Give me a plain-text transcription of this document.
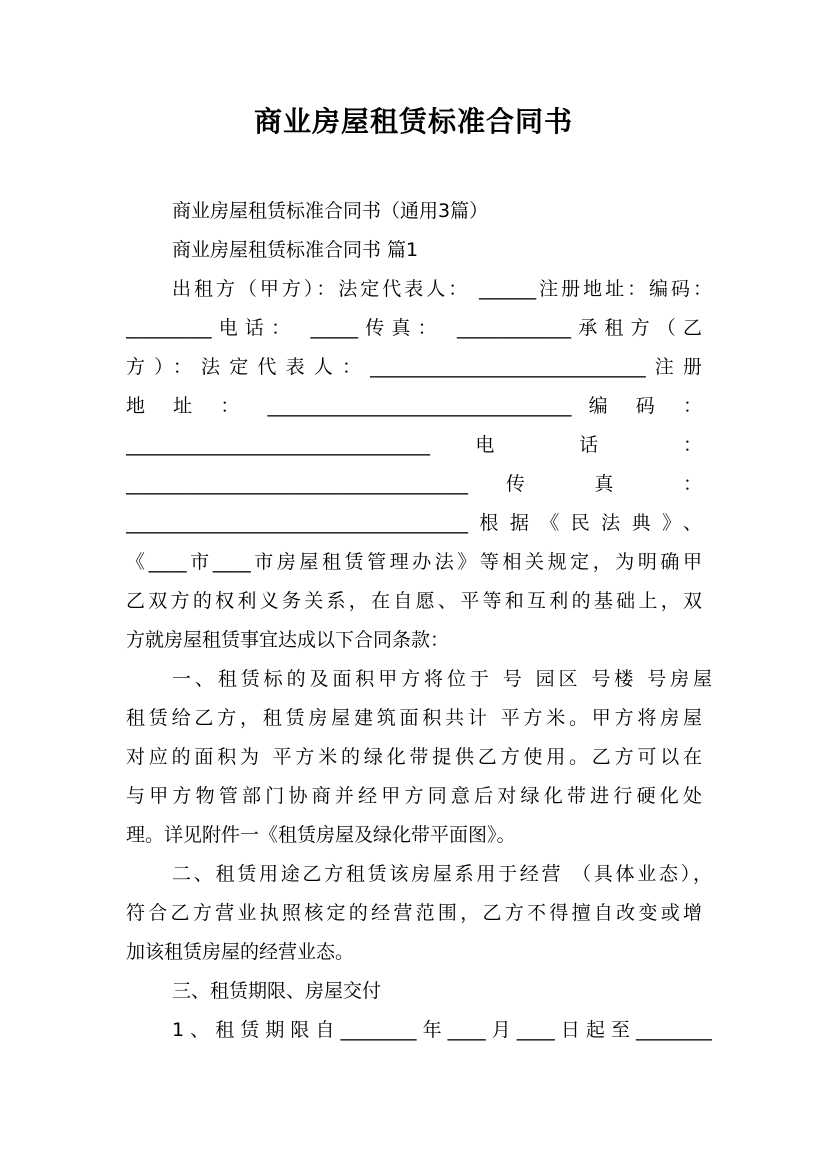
商业房屋租赁标准合同书
商业房屋租赁标准合同书（通用3篇）
商业房屋租赁标准合同书 篇1
出租方（甲方）：法定代表人： ______注册地址：编码：
_________电话： _____传真： ____________承租方（乙
方）：法定代表人：_____________________________注册
地 址 ： ________________________________ 编 码 ：
________________________________ 电 话 ：
____________________________________ 传 真 ：
____________________________________根据《民法典》、
《____市____市房屋租赁管理办法》等相关规定，为明确甲
乙双方的权利义务关系，在自愿、平等和互利的基础上，双
方就房屋租赁事宜达成以下合同条款：
一、租赁标的及面积甲方将位于 号 园区 号楼 号房屋
租赁给乙方，租赁房屋建筑面积共计 平方米。甲方将房屋
对应的面积为 平方米的绿化带提供乙方使用。乙方可以在
与甲方物管部门协商并经甲方同意后对绿化带进行硬化处
理。详见附件一《租赁房屋及绿化带平面图》。
二、租赁用途乙方租赁该房屋系用于经营 （具体业态），
符合乙方营业执照核定的经营范围，乙方不得擅自改变或增
加该租赁房屋的经营业态。
三、租赁期限、房屋交付
1、租赁期限自________年____月____日起至________
